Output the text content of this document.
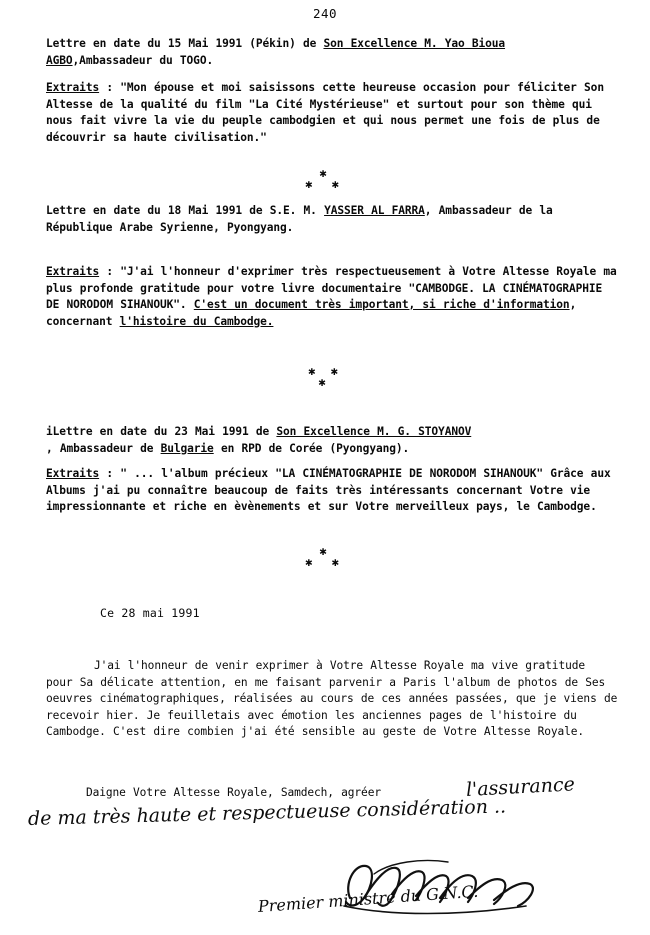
240
Lettre en date du 15 Mai 1991 (Pékin) de Son Excellence M. Yao Bioua
AGBO,Ambassadeur du TOGO.
Extraits : "Mon épouse et moi saisissons cette heureuse occasion pour féliciter Son Altesse de la qualité du film "La Cité Mystérieuse" et surtout pour son thème qui nous fait vivre la vie du peuple cambodgien et qui nous permet une fois de plus de découvrir sa haute civilisation."
✱
✱ ✱
Lettre en date du 18 Mai 1991 de S.E. M. YASSER AL FARRA, Ambassadeur de la République Arabe Syrienne, Pyongyang.
Extraits : "J'ai l'honneur d'exprimer très respectueusement à Votre Altesse Royale ma plus profonde gratitude pour votre livre documentaire "CAMBODGE. LA CINÉMATOGRAPHIE DE NORODOM SIHANOUK". C'est un document très important, si riche d'information, concernant l'histoire du Cambodge.
✱ ✱
✱
iLettre en date du 23 Mai 1991 de Son Excellence M. G. STOYANOV
, Ambassadeur de Bulgarie en RPD de Corée (Pyongyang).
Extraits : " ... l'album précieux "LA CINÉMATOGRAPHIE DE NORODOM SIHANOUK" Grâce aux Albums j'ai pu connaître beaucoup de faits très intéressants concernant Votre vie impressionnante et riche en èvènements et sur Votre merveilleux pays, le Cambodge.
✱
✱ ✱
Ce 28 mai 1991
J'ai l'honneur de venir exprimer à Votre Altesse Royale ma vive gratitude pour Sa délicate attention, en me faisant parvenir a Paris l'album de photos de Ses oeuvres cinématographiques, réalisées au cours de ces années passées, que je viens de recevoir hier. Je feuilletais avec émotion les anciennes pages de l'histoire du Cambodge. C'est dire combien j'ai été sensible au geste de Votre Altesse Royale.
Daigne Votre Altesse Royale, Samdech, agréer	l'assurance
de ma très haute et respectueuse considération ..
Premier ministre du G.N.C.
